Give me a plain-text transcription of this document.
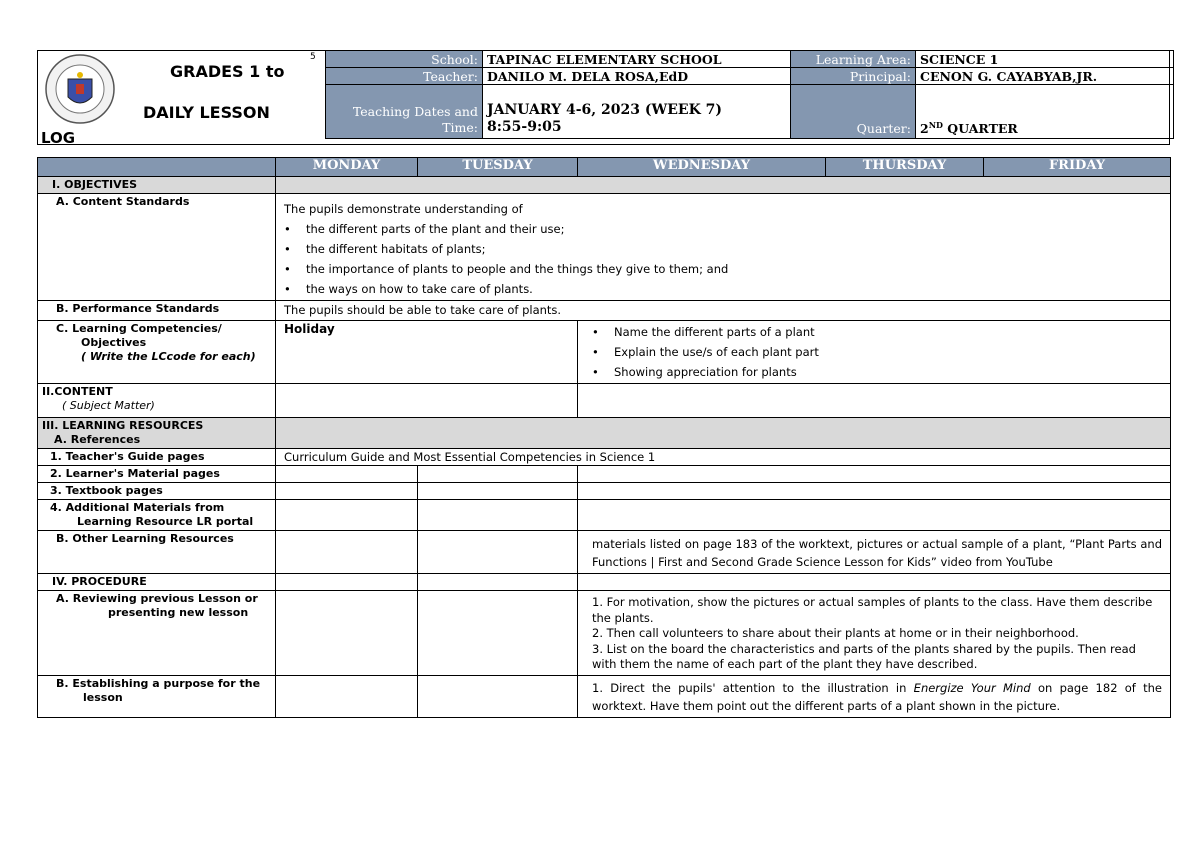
GRADES 1 to
5
DAILY LESSON
LOG
School:	TAPINAC ELEMENTARY SCHOOL	Learning Area:	SCIENCE 1
Teacher:	DANILO M. DELA ROSA,EdD	Principal:	CENON G. CAYABYAB,JR.
Teaching Dates and
Time:	JANUARY 4-6, 2023 (WEEK 7)
8:55-9:05	Quarter:	2ND QUARTER
	MONDAY	TUESDAY	WEDNESDAY	THURSDAY	FRIDAY
I. OBJECTIVES					
A. Content Standards	The pupils demonstrate understanding of
• the different parts of the plant and their use;
• the different habitats of plants;
• the importance of plants to people and the things they give to them; and
• the ways on how to take care of plants.

B. Performance Standards	The pupils should be able to take care of plants.				
C. Learning Competencies/
Objectives
( Write the LCcode for each)	Holiday		• Name the different parts of a plant
• Explain the use/s of each plant part
• Showing appreciation for plants

II.CONTENT
( Subject Matter)					
III. LEARNING RESOURCES
A. References					
1. Teacher's Guide pages	Curriculum Guide and Most Essential Competencies in Science 1				
2. Learner's Material pages					
3. Textbook pages					
4. Additional Materials from
Learning Resource LR portal					
B. Other Learning Resources			materials listed on page 183 of the worktext, pictures or actual sample of a plant, “Plant Parts and Functions | First and Second Grade Science Lesson for Kids” video from YouTube		
IV. PROCEDURE					
A. Reviewing previous Lesson or
presenting new lesson			1. For motivation, show the pictures or actual samples of plants to the class. Have them describe the plants.
2. Then call volunteers to share about their plants at home or in their neighborhood.
3. List on the board the characteristics and parts of the plants shared by the pupils. Then read with them the name of each part of the plant they have described.		

B. Establishing a purpose for the
lesson			1. Direct the pupils' attention to the illustration in Energize Your Mind on page 182 of the worktext. Have them point out the different parts of a plant shown in the picture.		
